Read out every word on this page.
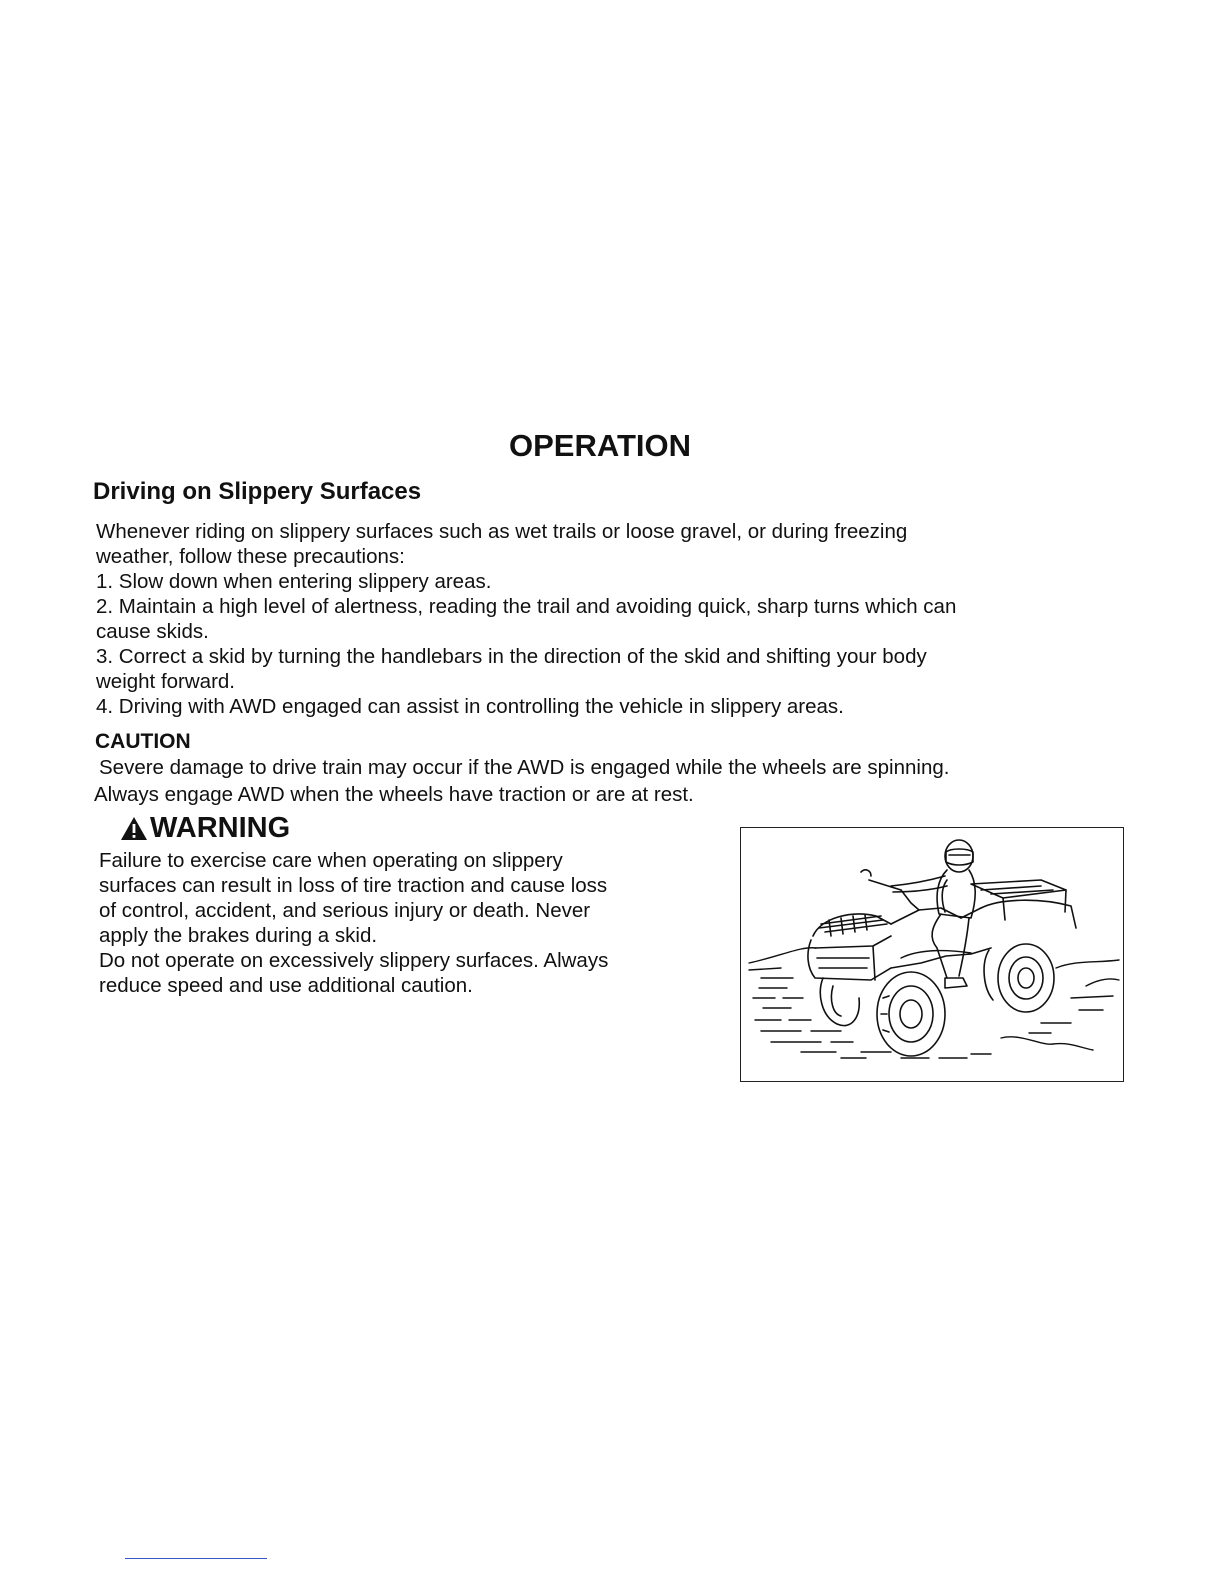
OPERATION
Driving on Slippery Surfaces
Whenever riding on slippery surfaces such as wet trails or loose gravel, or during freezing
weather, follow these precautions:
1. Slow down when entering slippery areas.
2. Maintain a high level of alertness, reading the trail and avoiding quick, sharp turns which can
cause skids.
3. Correct a skid by turning the handlebars in the direction of the skid and shifting your body
weight forward.
4. Driving with AWD engaged can assist in controlling the vehicle in slippery areas.
CAUTION

Severe damage to drive train may occur if the AWD is engaged while the wheels are spinning.

Always engage AWD when the wheels have traction or are at rest.

WARNING
Failure to exercise care when operating on slippery
surfaces can result in loss of tire traction and cause loss
of control, accident, and serious injury or death. Never
apply the brakes during a skid.
Do not operate on excessively slippery surfaces. Always
reduce speed and use additional caution.
